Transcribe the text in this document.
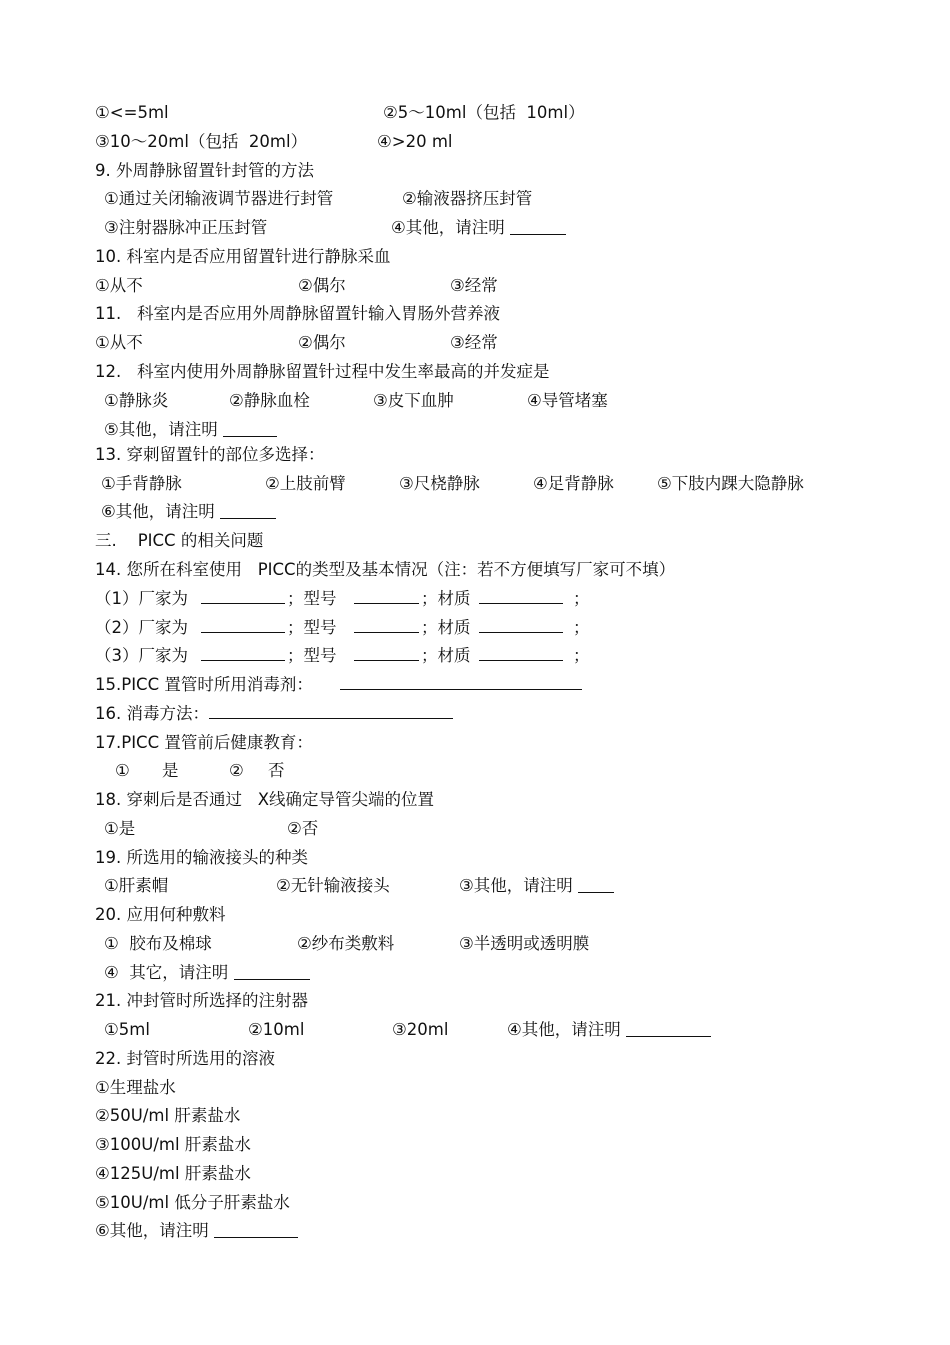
①<=5ml	②5～10ml（包括  10ml）
③10～20ml（包括  20ml）	④>20 ml
9. 外周静脉留置针封管的方法
①通过关闭输液调节器进行封管	②输液器挤压封管
③注射器脉冲正压封管	④其他，请注明
10. 科室内是否应用留置针进行静脉采血
①从不	②偶尔	③经常
11.   科室内是否应用外周静脉留置针输入胃肠外营养液
①从不	②偶尔	③经常
12.   科室内使用外周静脉留置针过程中发生率最高的并发症是
①静脉炎	②静脉血栓	③皮下血肿	④导管堵塞
⑤其他，请注明
13. 穿刺留置针的部位多选择：
①手背静脉	②上肢前臂	③尺桡静脉	④足背静脉	⑤下肢内踝大隐静脉
⑥其他，请注明
三.    PICC 的相关问题
14. 您所在科室使用   PICC的类型及基本情况（注：若不方便填写厂家可不填）
（1）厂家为	；型号	；材质	；
（2）厂家为	；型号	；材质	；
（3）厂家为	；型号	；材质	；
15.PICC 置管时所用消毒剂：
16. 消毒方法：
17.PICC 置管前后健康教育：
① 是	② 否
18. 穿刺后是否通过   X线确定导管尖端的位置
①是	②否
19. 所选用的输液接头的种类
①肝素帽	②无针输液接头	③其他，请注明
20. 应用何种敷料
①  胶布及棉球	②纱布类敷料	③半透明或透明膜
④  其它，请注明
21. 冲封管时所选择的注射器
①5ml	②10ml	③20ml	④其他，请注明
22. 封管时所选用的溶液
①生理盐水
②50U/ml 肝素盐水
③100U/ml 肝素盐水
④125U/ml 肝素盐水
⑤10U/ml 低分子肝素盐水
⑥其他，请注明
